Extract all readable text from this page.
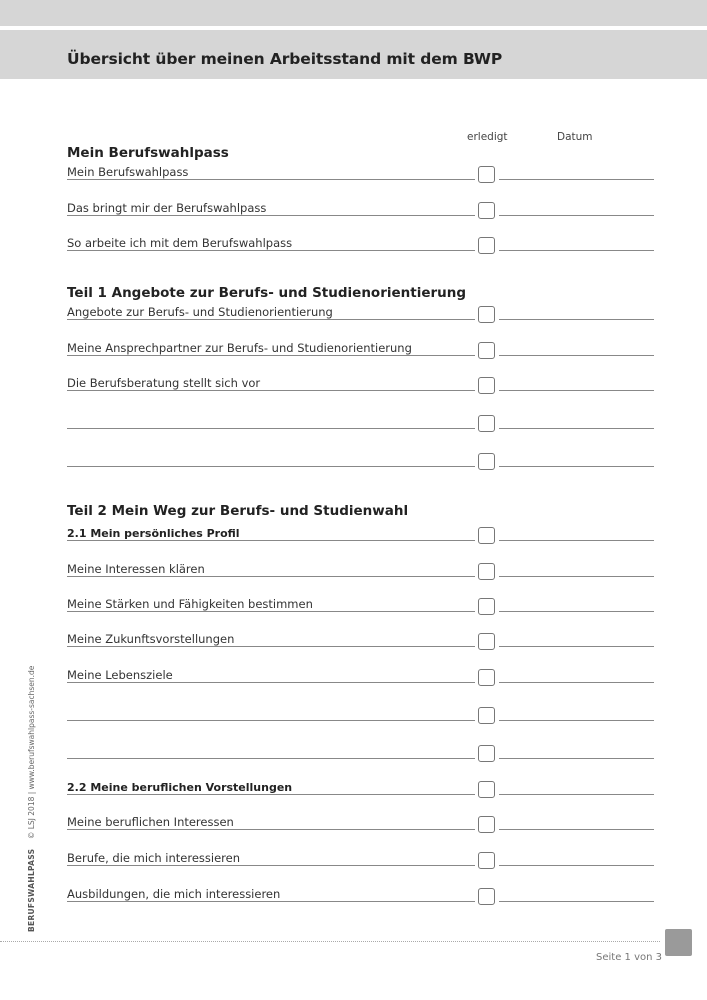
Übersicht über meinen Arbeitsstand mit dem BWP
erledigt	Datum
Mein Berufswahlpass
Mein Berufswahlpass
Das bringt mir der Berufswahlpass
So arbeite ich mit dem Berufswahlpass
Teil 1 Angebote zur Berufs- und Studienorientierung
Angebote zur Berufs- und Studienorientierung
Meine Ansprechpartner zur Berufs- und Studienorientierung
Die Berufsberatung stellt sich vor
Teil 2 Mein Weg zur Berufs- und Studienwahl
2.1 Mein persönliches Profil
Meine Interessen klären
Meine Stärken und Fähigkeiten bestimmen
Meine Zukunftsvorstellungen
Meine Lebensziele
2.2 Meine beruflichen Vorstellungen
Meine beruflichen Interessen
Berufe, die mich interessieren
Ausbildungen, die mich interessieren
BERUFSWAHLPASS    © LSJ 2018 | www.berufswahlpass-sachsen.de
Seite 1 von 3
